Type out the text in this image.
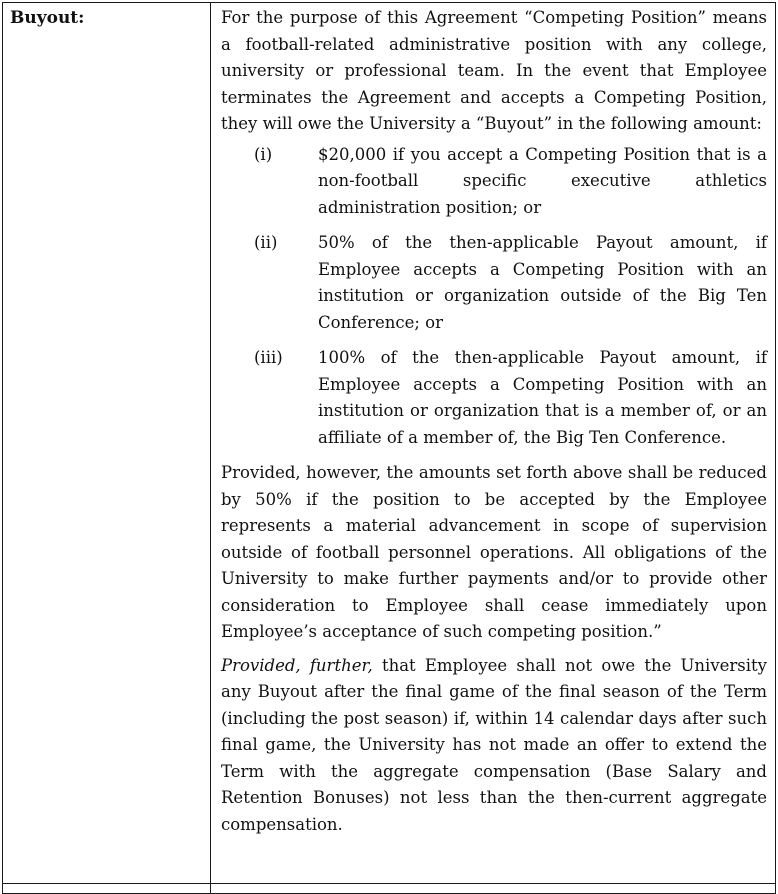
Buyout:	For the purpose of this Agreement “Competing Position” means a football-related administrative position with any college, university or professional team. In the event that Employee terminates the Agreement and accepts a Competing Position, they will owe the University a “Buyout” in the following amount:

(i)	$20,000 if you accept a Competing Position that is a non-football specific executive athletics administration position; or
(ii)	50% of the then-applicable Payout amount, if Employee accepts a Competing Position with an institution or organization outside of the Big Ten Conference; or
(iii)	100% of the then-applicable Payout amount, if Employee accepts a Competing Position with an institution or organization that is a member of, or an affiliate of a member of, the Big Ten Conference.

Provided, however, the amounts set forth above shall be reduced by 50% if the position to be accepted by the Employee represents a material advancement in scope of supervision outside of football personnel operations. All obligations of the University to make further payments and/or to provide other consideration to Employee shall cease immediately upon Employee’s acceptance of such competing position.”

Provided, further, that Employee shall not owe the University any Buyout after the final game of the final season of the Term (including the post season) if, within 14 calendar days after such final game, the University has not made an offer to extend the Term with the aggregate compensation (Base Salary and Retention Bonuses) not less than the then-current aggregate compensation.
